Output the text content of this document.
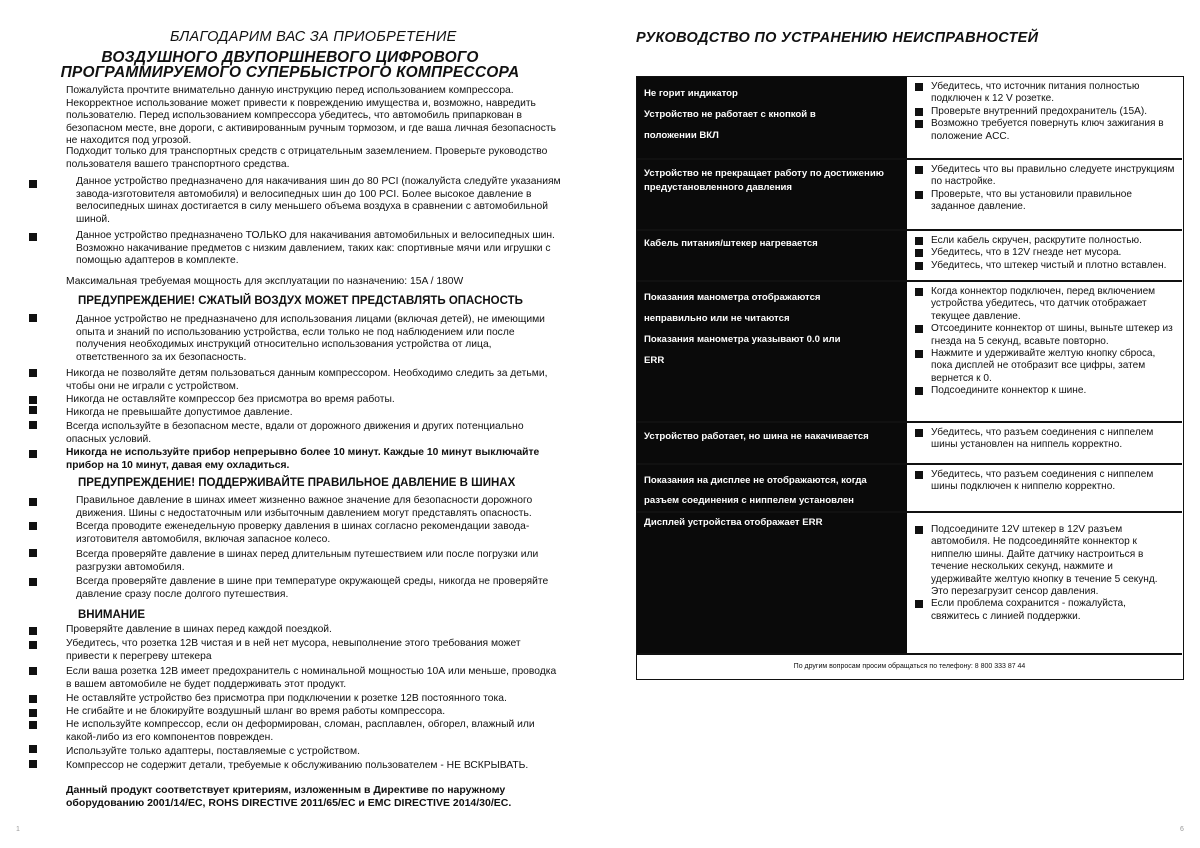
БЛАГОДАРИМ ВАС ЗА ПРИОБРЕТЕНИЕ
ВОЗДУШНОГО ДВУПОРШНЕВОГО ЦИФРОВОГО
ПРОГРАММИРУЕМОГО СУПЕРБЫСТРОГО КОМПРЕССОРА
Пожалуйста прочтите внимательно данную инструкцию перед использованием компрессора. Некорректное использование может привести к повреждению имущества и, возможно, навредить пользователю. Перед использованием компрессора убедитесь, что автомобиль припаркован в безопасном месте, вне дороги, с активированным ручным тормозом, и где ваша личная безопасность не находится под угрозой.
Подходит только для транспортных средств с отрицательным заземлением. Проверьте руководство пользователя вашего транспортного средства.
Данное устройство предназначено для накачивания шин до 80 PCI (пожалуйста следуйте указаниям завода-изготовителя автомобиля) и велосипедных шин до 100 PCI. Более высокое давление в велосипедных шинах достигается в силу меньшего объема воздуха в сравнении с автомобильной шиной.
Данное устройство предназначено ТОЛЬКО для накачивания автомобильных и велосипедных шин. Возможно накачивание предметов с низким давлением, таких как: спортивные мячи или игрушки с помощью адаптеров в комплекте.
Максимальная требуемая мощность для эксплуатации по назначению: 15A / 180W
ПРЕДУПРЕЖДЕНИЕ! СЖАТЫЙ ВОЗДУХ МОЖЕТ ПРЕДСТАВЛЯТЬ ОПАСНОСТЬ
Данное устройство не предназначено для использования лицами (включая детей), не имеющими опыта и знаний по использованию устройства, если только не под наблюдением или после получения необходимых инструкций относительно использования устройства от лица, ответственного за их безопасность.
Никогда не позволяйте детям пользоваться данным компрессором. Необходимо следить за детьми, чтобы они не играли с устройством.
Никогда не оставляйте компрессор без присмотра во время работы.
Никогда не превышайте допустимое давление.
Всегда используйте в безопасном месте, вдали от дорожного движения и других потенциально опасных условий.
Никогда не используйте прибор непрерывно более 10 минут. Каждые 10 минут выключайте прибор на 10 минут, давая ему охладиться.
ПРЕДУПРЕЖДЕНИЕ! ПОДДЕРЖИВАЙТЕ ПРАВИЛЬНОЕ ДАВЛЕНИЕ В ШИНАХ
Правильное давление в шинах имеет жизненно важное значение для безопасности дорожного движения. Шины с недостаточным или избыточным давлением могут представлять опасность.
Всегда проводите еженедельную проверку давления в шинах согласно рекомендации завода-изготовителя автомобиля, включая запасное колесо.
Всегда проверяйте давление в шинах перед длительным путешествием или после погрузки или разгрузки автомобиля.
Всегда проверяйте давление в шине при температуре окружающей среды, никогда не проверяйте давление сразу после долгого путешествия.
ВНИМАНИЕ
Проверяйте давление в шинах перед каждой поездкой.
Убедитесь, что розетка 12В чистая и в ней нет мусора, невыполнение этого требования может привести к перегреву штекера
Если ваша розетка 12В имеет предохранитель с номинальной мощностью 10А или меньше, проводка в вашем автомобиле не будет поддерживать этот продукт.
Не оставляйте устройство без присмотра при подключении к розетке 12В постоянного тока.
Не сгибайте и не блокируйте воздушный шланг во время работы компрессора.
Не используйте компрессор, если он деформирован, сломан, расплавлен, обгорел, влажный или какой-либо из его компонентов поврежден.
Используйте только адаптеры, поставляемые с устройством.
Компрессор не содержит детали, требуемые к обслуживанию пользователем - НЕ ВСКРЫВАТЬ.
Данный продукт соответствует критериям, изложенным в Директиве по наружному оборудованию 2001/14/EC, ROHS DIRECTIVE 2011/65/EC и EMC DIRECTIVE 2014/30/EC.
1
РУКОВОДСТВО ПО УСТРАНЕНИЮ НЕИСПРАВНОСТЕЙ

Не горит индикатор

Устройство не работает с кнопкой в

положении ВКЛ

Убедитесь, что источник питания полностью подключен к 12 V розетке.
Проверьте внутренний предохранитель (15A).
Возможно требуется повернуть ключ зажигания в положение ACC.

Устройство не прекращает работу по достижению предустановленного давления

Убедитесь что вы правильно следуете инструкциям по настройке.
Проверьте, что вы установили правильное заданное давление.

Кабель питания/штекер нагревается	Если кабель скручен, раскрутите полностью.
Убедитесь, что в 12V гнезде нет мусора.
Убедитесь, что штекер чистый и плотно вставлен.

Показания манометра отображаются

неправильно или не читаются

Показания манометра указывают 0.0 или

ERR

Когда коннектор подключен, перед включением устройства убедитесь, что датчик отображает текущее давление.
Отсоедините коннектор от шины, выньте штекер из гнезда на 5 секунд, всавьте повторно.
Нажмите и удерживайте желтую кнопку сброса, пока дисплей не отобразит все цифры, затем вернется к 0.
Подсоедините коннектор к шине.

Устройство работает, но шина не накачивается	Убедитесь, что разъем соединения с ниппелем шины установлен на ниппель корректно.

Показания на дисплее не отображаются, когда

разъем соединения с ниппелем установлен

Убедитесь, что разъем соединения с ниппелем шины подключен к ниппелю корректно.

Дисплей устройства отображает ERR

Подсоедините 12V штекер в 12V разъем автомобиля. Не подсоединяйте коннектор к ниппелю шины. Дайте датчику настроиться в течение нескольких секунд, нажмите и удерживайте желтую кнопку в течение 5 секунд. Это перезагрузит сенсор давления.
Если проблема сохранится - пожалуйста, свяжитесь с линией поддержки.
По другим вопросам просим обращаться по телефону: 8 800 333 87 44
6
